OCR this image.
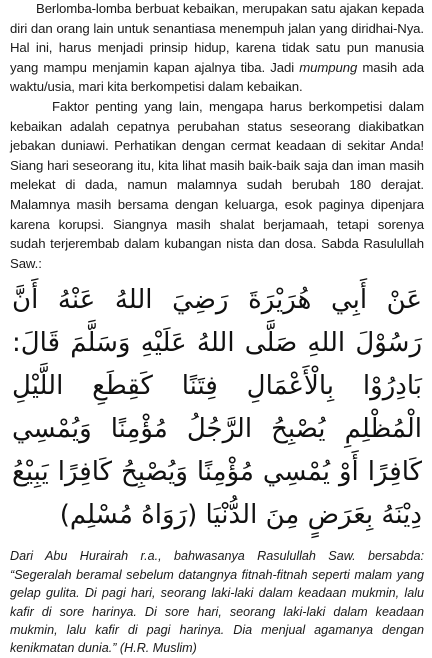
Berlomba-lomba berbuat kebaikan, merupakan satu ajakan kepada diri dan orang lain untuk senantiasa menempuh jalan yang diridhai-Nya. Hal ini, harus menjadi prinsip hidup, karena tidak satu pun manusia yang mampu menjamin kapan ajalnya tiba. Jadi mumpung masih ada waktu/usia, mari kita berkompetisi dalam kebaikan.

Faktor penting yang lain, mengapa harus berkompetisi dalam kebaikan adalah cepatnya perubahan status seseorang diakibatkan jebakan duniawi. Perhatikan dengan cermat keadaan di sekitar Anda! Siang hari seseorang itu, kita lihat masih baik-baik saja dan iman masih melekat di dada, namun malamnya sudah berubah 180 derajat. Malamnya masih bersama dengan keluarga, esok paginya dipenjara karena korupsi. Siangnya masih shalat berjamaah, tetapi sorenya sudah terjerembab dalam kubangan nista dan dosa. Sabda Rasulullah Saw.:

عَنْ أَبِي هُرَيْرَةَ رَضِيَ اللهُ عَنْهُ أَنَّ رَسُوْلَ اللهِ صَلَّى اللهُ عَلَيْهِ وَسَلَّمَ قَالَ: بَادِرُوْا بِالْأَعْمَالِ فِتَنًا كَقِطَعِ اللَّيْلِ الْمُظْلِمِ يُصْبِحُ الرَّجُلُ مُؤْمِنًا وَيُمْسِي كَافِرًا أَوْ يُمْسِي مُؤْمِنًا وَيُصْبِحُ كَافِرًا يَبِيْعُ دِيْنَهُ بِعَرَضٍ مِنَ الدُّنْيَا (رَوَاهُ مُسْلِم)

Dari Abu Hurairah r.a., bahwasanya Rasulullah Saw. bersabda: “Segeralah beramal sebelum datangnya fitnah-fitnah seperti malam yang gelap gulita. Di pagi hari, seorang laki-laki dalam keadaan mukmin, lalu kafir di sore harinya. Di sore hari, seorang laki-laki dalam keadaan mukmin, lalu kafir di pagi harinya. Dia menjual agamanya dengan kenikmatan dunia.” (H.R. Muslim)
